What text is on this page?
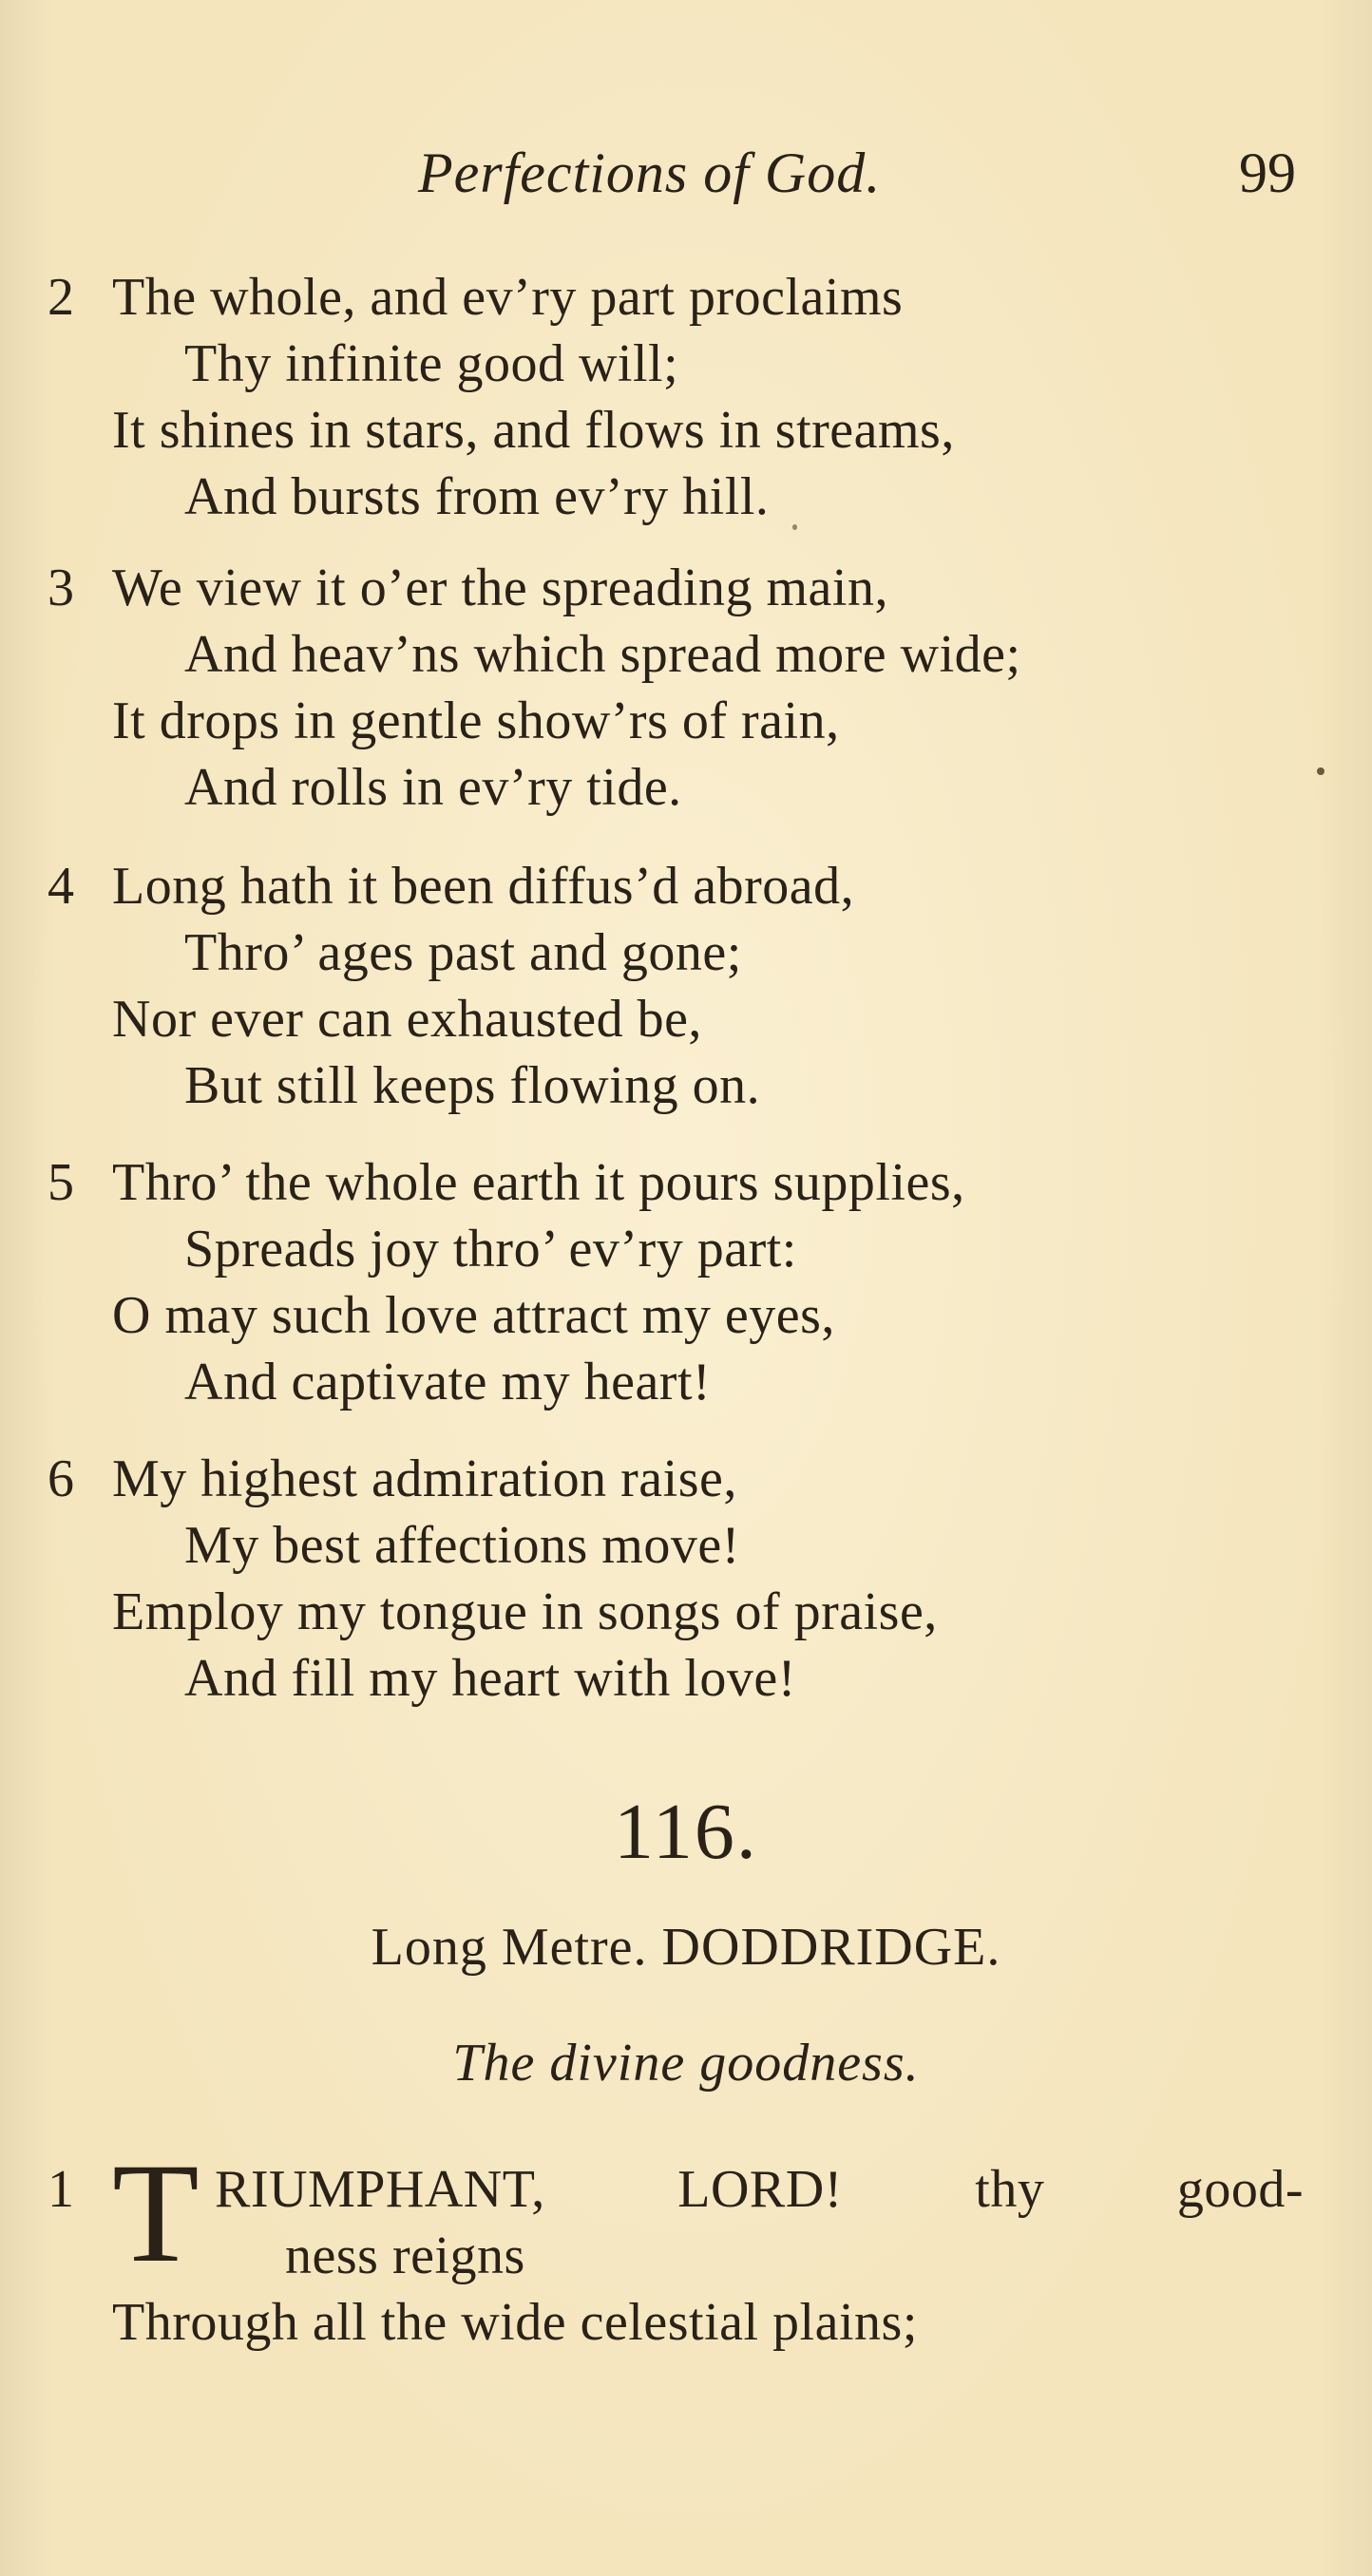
Perfections of God.	99
2 The whole, and ev’ry part proclaims
Thy infinite good will;
It shines in stars, and flows in streams,
And bursts from ev’ry hill.
3 We view it o’er the spreading main,
And heav’ns which spread more wide;
It drops in gentle show’rs of rain,
And rolls in ev’ry tide.
4 Long hath it been diffus’d abroad,
Thro’ ages past and gone;
Nor ever can exhausted be,
But still keeps flowing on.
5 Thro’ the whole earth it pours supplies,
Spreads joy thro’ ev’ry part:
O may such love attract my eyes,
And captivate my heart!
6 My highest admiration raise,
My best affections move!
Employ my tongue in songs of praise,
And fill my heart with love!
116.
Long Metre. DODDRIDGE.
The divine goodness.
1 T RIUMPHANT, LORD! thy good-
ness reigns
Through all the wide celestial plains;
